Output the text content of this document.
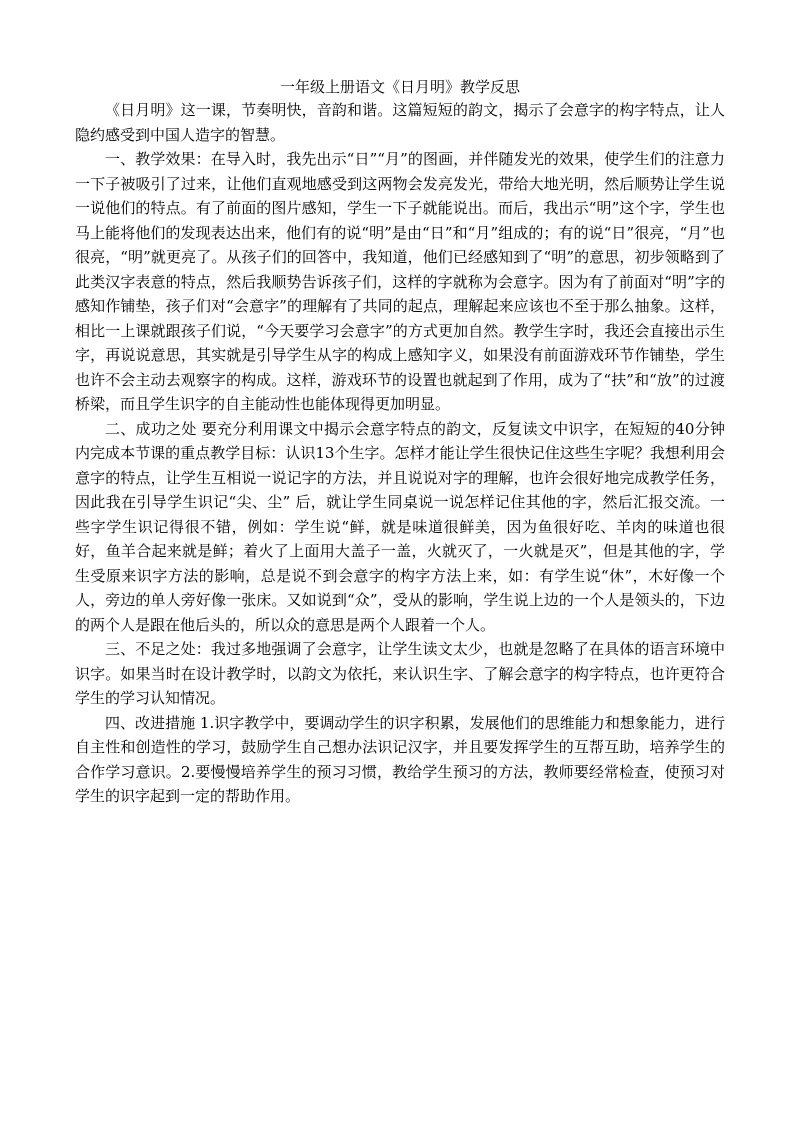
一年级上册语文《日月明》教学反思

《日月明》这一课，节奏明快，音韵和谐。这篇短短的韵文，揭示了会意字的构字特点，让人隐约感受到中国人造字的智慧。

一、教学效果：在导入时，我先出示“日”“月”的图画，并伴随发光的效果，使学生们的注意力一下子被吸引了过来，让他们直观地感受到这两物会发亮发光，带给大地光明，然后顺势让学生说一说他们的特点。有了前面的图片感知，学生一下子就能说出。而后，我出示“明”这个字，学生也马上能将他们的发现表达出来，他们有的说“明”是由“日”和“月”组成的；有的说“日”很亮，“月”也很亮，“明”就更亮了。从孩子们的回答中，我知道，他们已经感知到了“明”的意思，初步领略到了此类汉字表意的特点，然后我顺势告诉孩子们，这样的字就称为会意字。因为有了前面对“明”字的感知作铺垫，孩子们对“会意字”的理解有了共同的起点，理解起来应该也不至于那么抽象。这样，相比一上课就跟孩子们说，“今天要学习会意字”的方式更加自然。教学生字时，我还会直接出示生字，再说说意思，其实就是引导学生从字的构成上感知字义，如果没有前面游戏环节作铺垫，学生也许不会主动去观察字的构成。这样，游戏环节的设置也就起到了作用，成为了“扶”和“放”的过渡桥梁，而且学生识字的自主能动性也能体现得更加明显。

二、成功之处 要充分利用课文中揭示会意字特点的韵文，反复读文中识字，在短短的40分钟内完成本节课的重点教学目标：认识13个生字。怎样才能让学生很快记住这些生字呢？我想利用会意字的特点，让学生互相说一说记字的方法，并且说说对字的理解，也许会很好地完成教学任务，因此我在引导学生识记“尖、尘” 后，就让学生同桌说一说怎样记住其他的字，然后汇报交流。一些字学生识记得很不错，例如：学生说“鲜，就是味道很鲜美，因为鱼很好吃、羊肉的味道也很好，鱼羊合起来就是鲜；着火了上面用大盖子一盖，火就灭了，一火就是灭”，但是其他的字，学生受原来识字方法的影响，总是说不到会意字的构字方法上来，如：有学生说“休”，木好像一个人，旁边的单人旁好像一张床。又如说到“众”，受从的影响，学生说上边的一个人是领头的，下边的两个人是跟在他后头的，所以众的意思是两个人跟着一个人。

三、不足之处：我过多地强调了会意字，让学生读文太少，也就是忽略了在具体的语言环境中识字。如果当时在设计教学时，以韵文为依托，来认识生字、了解会意字的构字特点，也许更符合学生的学习认知情况。

四、改进措施 1.识字教学中，要调动学生的识字积累，发展他们的思维能力和想象能力，进行自主性和创造性的学习，鼓励学生自己想办法识记汉字，并且要发挥学生的互帮互助，培养学生的合作学习意识。2.要慢慢培养学生的预习习惯，教给学生预习的方法，教师要经常检查，使预习对学生的识字起到一定的帮助作用。
